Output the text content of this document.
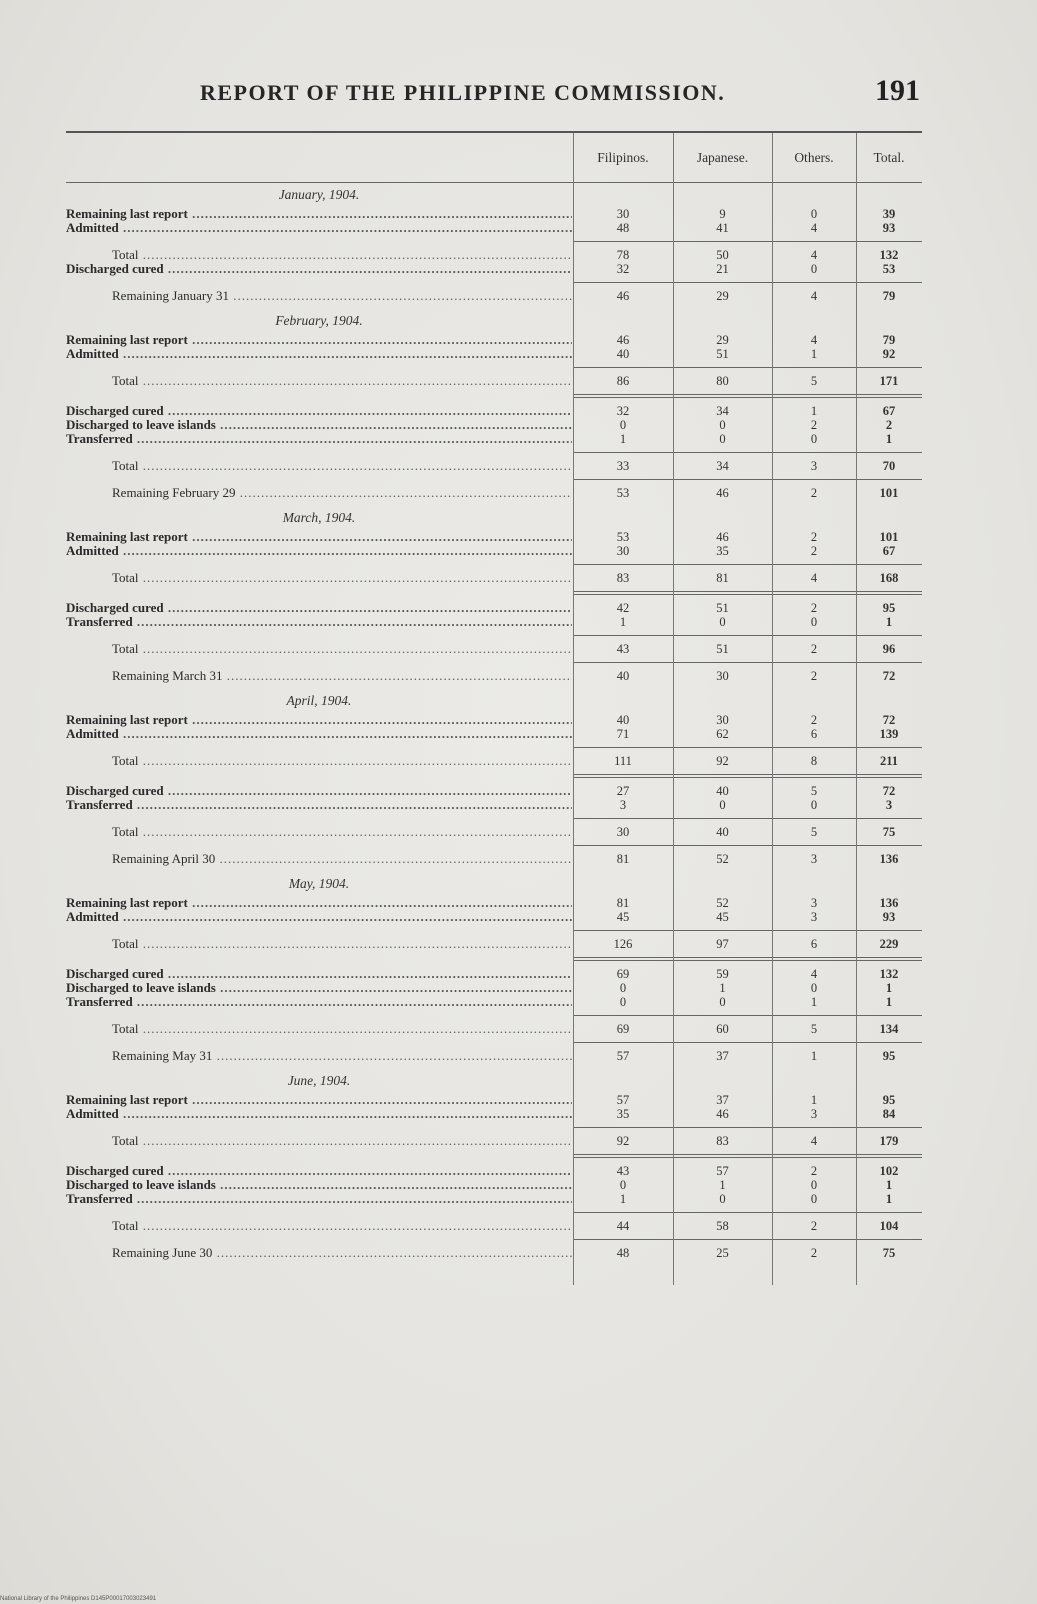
REPORT OF THE PHILIPPINE COMMISSION.	191
Filipinos.	Japanese.	Others.	Total.
January, 1904.
Remaining last report .....	30	9	0	39
Admitted .....	48	41	4	93
Total .....	78	50	4	132
Discharged cured .....	32	21	0	53
Remaining January 31 .....	46	29	4	79
February, 1904.
Remaining last report .....	46	29	4	79
Admitted .....	40	51	1	92
Total .....	86	80	5	171
Discharged cured .....	32	34	1	67
Discharged to leave islands .....	0	0	2	2
Transferred .....	1	0	0	1
Total .....	33	34	3	70
Remaining February 29 .....	53	46	2	101
March, 1904.
Remaining last report .....	53	46	2	101
Admitted .....	30	35	2	67
Total .....	83	81	4	168
Discharged cured .....	42	51	2	95
Transferred .....	1	0	0	1
Total .....	43	51	2	96
Remaining March 31 .....	40	30	2	72
April, 1904.
Remaining last report .....	40	30	2	72
Admitted .....	71	62	6	139
Total .....	111	92	8	211
Discharged cured .....	27	40	5	72
Transferred .....	3	0	0	3
Total .....	30	40	5	75
Remaining April 30 .....	81	52	3	136
May, 1904.
Remaining last report .....	81	52	3	136
Admitted .....	45	45	3	93
Total .....	126	97	6	229
Discharged cured .....	69	59	4	132
Discharged to leave islands .....	0	1	0	1
Transferred .....	0	0	1	1
Total .....	69	60	5	134
Remaining May 31 .....	57	37	1	95
June, 1904.
Remaining last report .....	57	37	1	95
Admitted .....	35	46	3	84
Total .....	92	83	4	179
Discharged cured .....	43	57	2	102
Discharged to leave islands .....	0	1	0	1
Transferred .....	1	0	0	1
Total .....	44	58	2	104
Remaining June 30 .....	48	25	2	75
National Library of the Philippines D145P00017003023491
